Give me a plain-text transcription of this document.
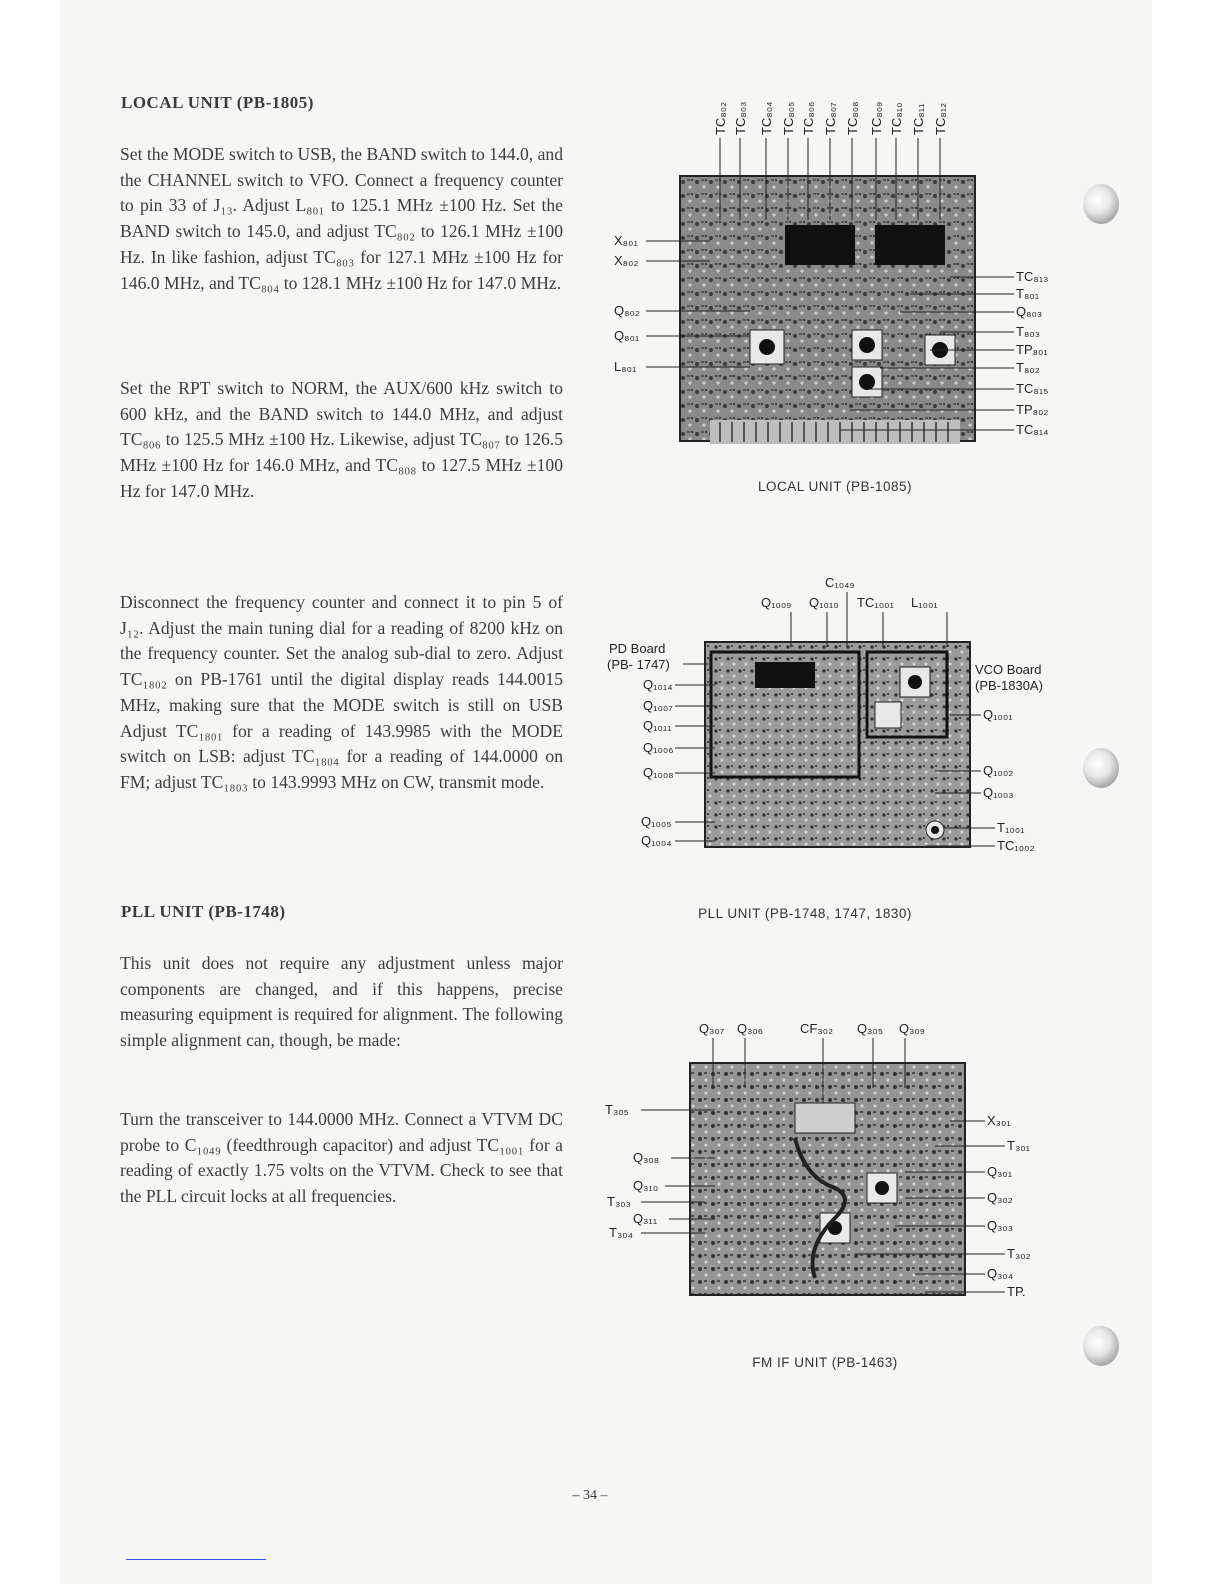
LOCAL UNIT (PB-1805)

Set the MODE switch to USB, the BAND switch to 144.0, and the CHANNEL switch to VFO. Connect a frequency counter to pin 33 of J₁₃. Adjust L₈₀₁ to 125.1 MHz ±100 Hz. Set the BAND switch to 145.0, and adjust TC₈₀₂ to 126.1 MHz ±100 Hz. In like fashion, adjust TC₈₀₃ for 127.1 MHz ±100 Hz for 146.0 MHz, and TC₈₀₄ to 128.1 MHz ±100 Hz for 147.0 MHz.

Set the RPT switch to NORM, the AUX/600 kHz switch to 600 kHz, and the BAND switch to 144.0 MHz, and adjust TC₈₀₆ to 125.5 MHz ±100 Hz. Likewise, adjust TC₈₀₇ to 126.5 MHz ±100 Hz for 146.0 MHz, and TC₈₀₈ to 127.5 MHz ±100 Hz for 147.0 MHz.

Disconnect the frequency counter and connect it to pin 5 of J₁₂. Adjust the main tuning dial for a reading of 8200 kHz on the frequency counter. Set the analog sub-dial to zero. Adjust TC₁₈₀₂ on PB-1761 until the digital display reads 144.0015 MHz, making sure that the MODE switch is still on USB Adjust TC₁₈₀₁ for a reading of 143.9985 with the MODE switch on LSB: adjust TC₁₈₀₄ for a reading of 144.0000 on FM; adjust TC₁₈₀₃ to 143.9993 MHz on CW, transmit mode.

PLL UNIT (PB-1748)

This unit does not require any adjustment unless major components are changed, and if this happens, precise measuring equipment is required for alignment. The following simple alignment can, though, be made:

Turn the transceiver to 144.0000 MHz. Connect a VTVM DC probe to C₁₀₄₉ (feedthrough capacitor) and adjust TC₁₀₀₁ for a reading of exactly 1.75 volts on the VTVM. Check to see that the PLL circuit locks at all frequencies.

TC₈₀₂ TC₈₀₃ TC₈₀₄ TC₈₀₅ TC₈₀₆ TC₈₀₇ TC₈₀₈ TC₈₀₉ TC₈₁₀ TC₈₁₁ TC₈₁₂
X₈₀₁
X₈₀₂
Q₈₀₂
Q₈₀₁
L₈₀₁
TC₈₁₃
T₈₀₁
Q₈₀₃
T₈₀₃
TP₈₀₁
T₈₀₂
TC₈₁₅
TP₈₀₂
TC₈₁₄

LOCAL UNIT (PB-1085)

C₁₀₄₉
Q₁₀₀₉ Q₁₀₁₀ TC₁₀₀₁ L₁₀₀₁
PD Board
(PB- 1747)	VCO Board
(PB-1830A)
Q₁₀₁₄
Q₁₀₀₇
Q₁₀₁₁
Q₁₀₀₆
Q₁₀₀₈
Q₁₀₀₅
Q₁₀₀₄
Q₁₀₀₁
Q₁₀₀₂
Q₁₀₀₃
T₁₀₀₁
TC₁₀₀₂

PLL UNIT (PB-1748, 1747, 1830)

Q₃₀₇ Q₃₀₆	CF₃₀₂ Q₃₀₅ Q₃₀₉
T₃₀₅
Q₃₀₈
Q₃₁₀
T₃₀₃
Q₃₁₁
T₃₀₄
X₃₀₁
T₃₀₁
Q₃₀₁
Q₃₀₂
Q₃₀₃
T₃₀₂
Q₃₀₄
TP.

FM IF UNIT (PB-1463)

– 34 –
